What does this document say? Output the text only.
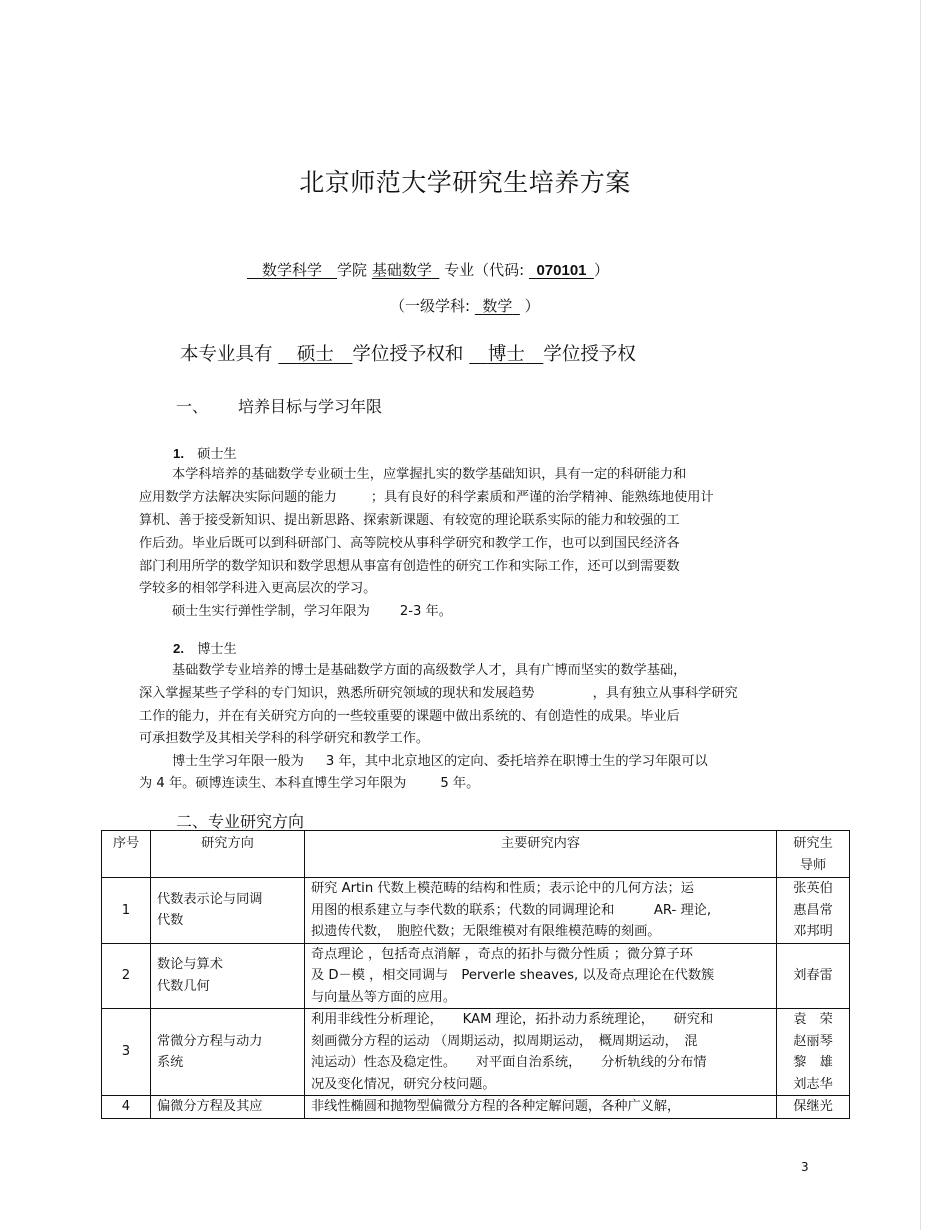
北京师范大学研究生培养方案
 数学科学  学院 基础数学  专业（代码:   070101  ）
（一级学科:   数学  ）
本专业具有   硕士  学位授予权和   博士  学位授予权
一、 培养目标与学习年限
1.  硕士生
本学科培养的基础数学专业硕士生，应掌握扎实的数学基础知识，具有一定的科研能力和
应用数学方法解决实际问题的能力	；具有良好的科学素质和严谨的治学精神、能熟练地使用计
算机、善于接受新知识、提出新思路、探索新课题、有较宽的理论联系实际的能力和较强的工
作后劲。毕业后既可以到科研部门、高等院校从事科学研究和教学工作，也可以到国民经济各
部门利用所学的数学知识和数学思想从事富有创造性的研究工作和实际工作，还可以到需要数
学较多的相邻学科进入更高层次的学习。
硕士生实行弹性学制，学习年限为 2-3 年。
2.  博士生
基础数学专业培养的博士是基础数学方面的高级数学人才，具有广博而坚实的数学基础，
深入掌握某些子学科的专门知识，熟悉所研究领域的现状和发展趋势	，具有独立从事科学研究
工作的能力，并在有关研究方向的一些较重要的课题中做出系统的、有创造性的成果。毕业后
可承担数学及其相关学科的科学研究和教学工作。
博士生学习年限一般为 3 年，其中北京地区的定向、委托培养在职博士生的学习年限可以
为 4 年。硕博连读生、本科直博生学习年限为	5 年。
二、专业研究方向
序号	研究方向	主要研究内容	研究生
导师

1	代数表示论与同调
代数	研究 Artin 代数上模范畴的结构和性质；表示论中的几何方法；运
用图的根系建立与李代数的联系；代数的同调理论和　　　AR- 理论,
拟遗传代数，　胞腔代数；无限维模对有限维模范畴的刻画。	张英伯
惠昌常
邓邦明

2	数论与算术
代数几何	奇点理论 ，包括奇点消解 ，奇点的拓扑与微分性质 ；微分算子环
及 D－模 ，相交同调与　Perverle sheaves, 以及奇点理论在代数簇
与向量丛等方面的应用。	刘春雷

3	常微分方程与动力
系统	利用非线性分析理论，　　KAM 理论，拓扑动力系统理论，　　研究和
刻画微分方程的运动 （周期运动，拟周期运动，　概周期运动，　混
沌运动）性态及稳定性。　　对平面自治系统，　　分析轨线的分布情
况及变化情况，研究分枝问题。	袁　荣
赵丽琴
黎　雄
刘志华

4	偏微分方程及其应	非线性椭圆和抛物型偏微分方程的各种定解问题，各种广义解，	保继光
3
